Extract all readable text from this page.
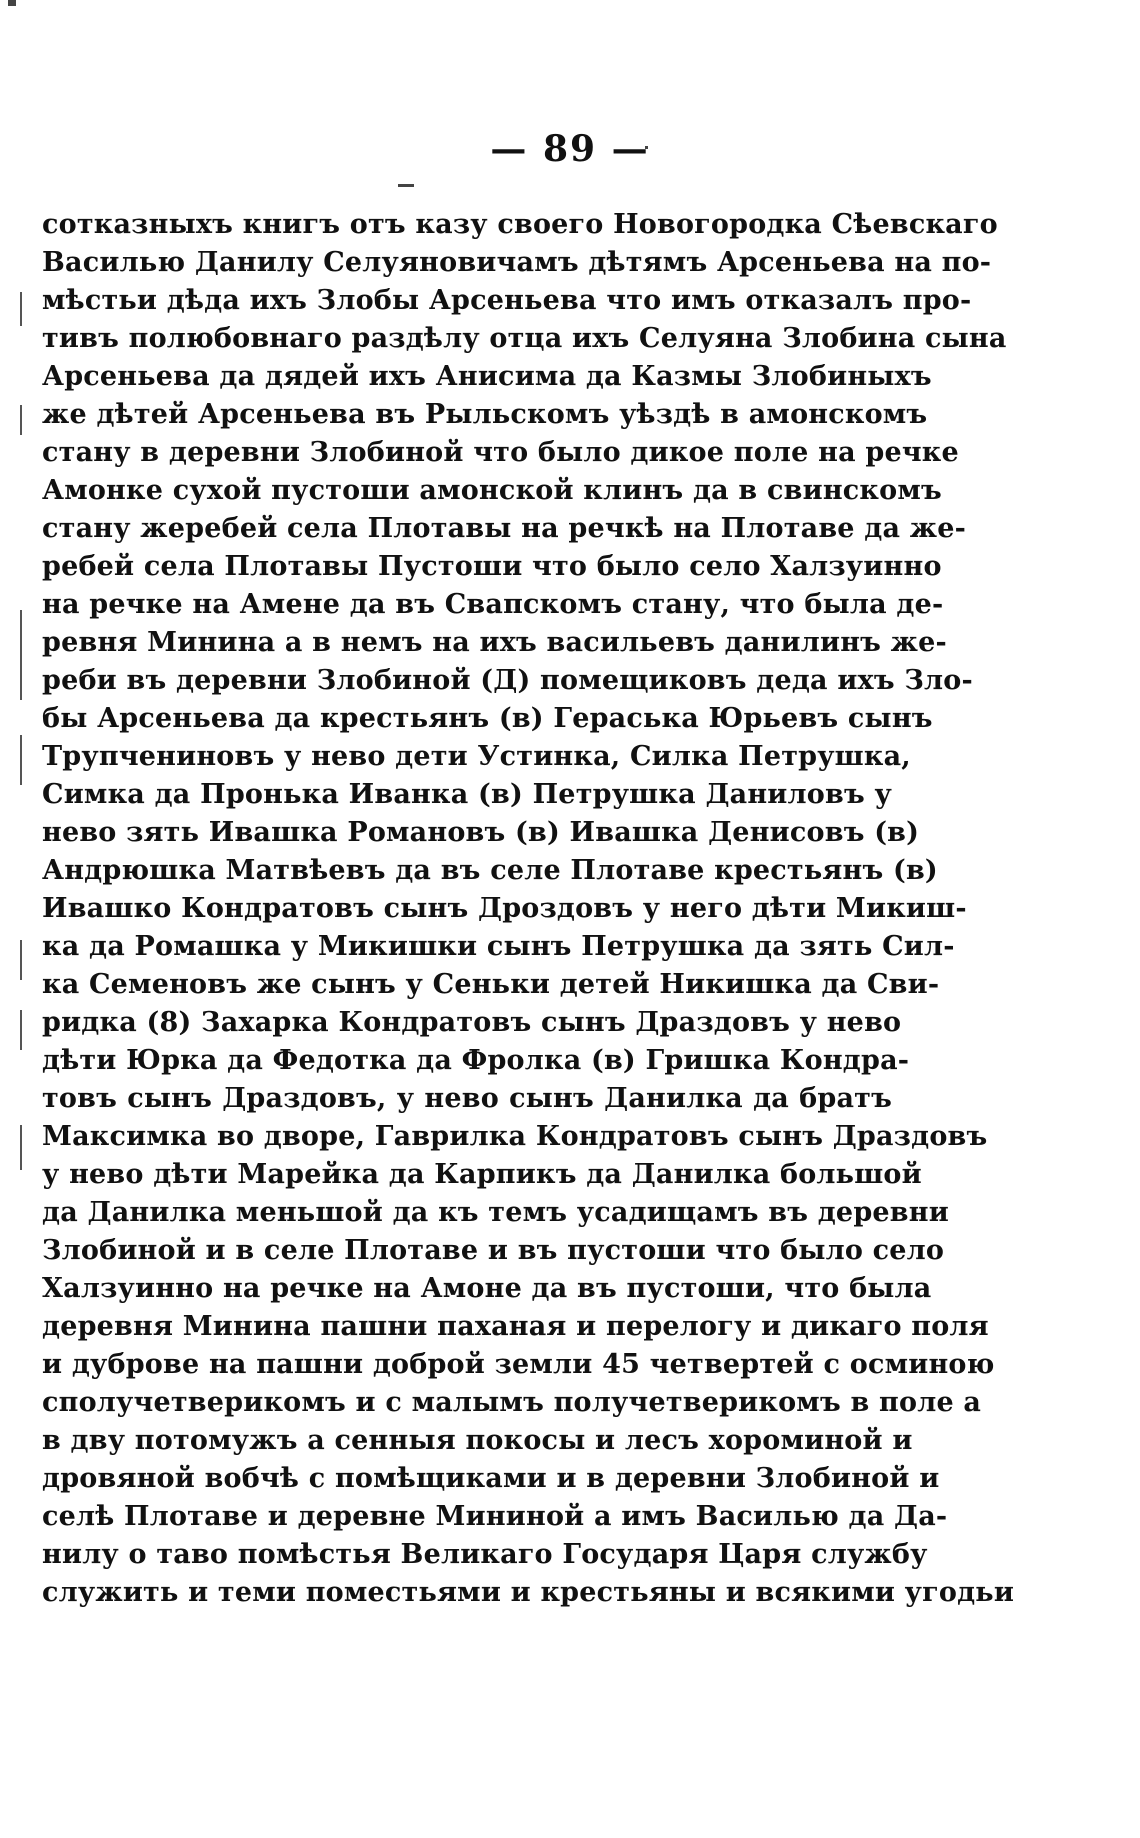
— 89 —
сотказныхъ книгъ отъ казу своего Новогородка Сѣевскаго
Василью Данилу Селуяновичамъ дѣтямъ Арсеньева на по-
мѣстьи дѣда ихъ Злобы Арсеньева что имъ отказалъ про-
тивъ полюбовнаго раздѣлу отца ихъ Селуяна Злобина сына
Арсеньева да дядей ихъ Анисима да Казмы Злобиныхъ
же дѣтей Арсеньева въ Рыльскомъ уѣздѣ в амонскомъ
стану в деревни Злобиной что было дикое поле на речке
Амонке сухой пустоши амонской клинъ да в свинскомъ
стану жеребей села Плотавы на речкѣ на Плотаве да же-
ребей села Плотавы Пустоши что было село Халзуинно
на речке на Амене да въ Свапскомъ стану, что была де-
ревня Минина а в немъ на ихъ васильевъ данилинъ же-
реби въ деревни Злобиной (Д) помещиковъ деда ихъ Зло-
бы Арсеньева да крестьянъ (в) Гераська Юрьевъ сынъ
Трупчениновъ у нево дети Устинка, Силка Петрушка,
Симка да Пронька Иванка (в) Петрушка Даниловъ у
нево зять Ивашка Романовъ (в) Ивашка Денисовъ (в)
Андрюшка Матвѣевъ да въ селе Плотаве крестьянъ (в)
Ивашко Кондратовъ сынъ Дроздовъ у него дѣти Микиш-
ка да Ромашка у Микишки сынъ Петрушка да зять Сил-
ка Семеновъ же сынъ у Сеньки детей Никишка да Сви-
ридка (8) Захарка Кондратовъ сынъ Драздовъ у нево
дѣти Юрка да Федотка да Фролка (в) Гришка Кондра-
товъ сынъ Драздовъ, у нево сынъ Данилка да братъ
Максимка во дворе, Гаврилка Кондратовъ сынъ Драздовъ
у нево дѣти Марейка да Карпикъ да Данилка большой
да Данилка меньшой да къ темъ усадищамъ въ деревни
Злобиной и в селе Плотаве и въ пустоши что было село
Халзуинно на речке на Амоне да въ пустоши, что была
деревня Минина пашни паханая и перелогу и дикаго поля
и дуброве на пашни доброй земли 45 четвертей с осминою
сполучетверикомъ и с малымъ получетверикомъ в поле а
в дву потомужъ а сенныя покосы и лесъ хороминой и
дровяной вобчѣ с помѣщиками и в деревни Злобиной и
селѣ Плотаве и деревне Мининой а имъ Василью да Да-
нилу о таво помѣстья Великаго Государя Царя службу
служить и теми поместьями и крестьяны и всякими угодьи
